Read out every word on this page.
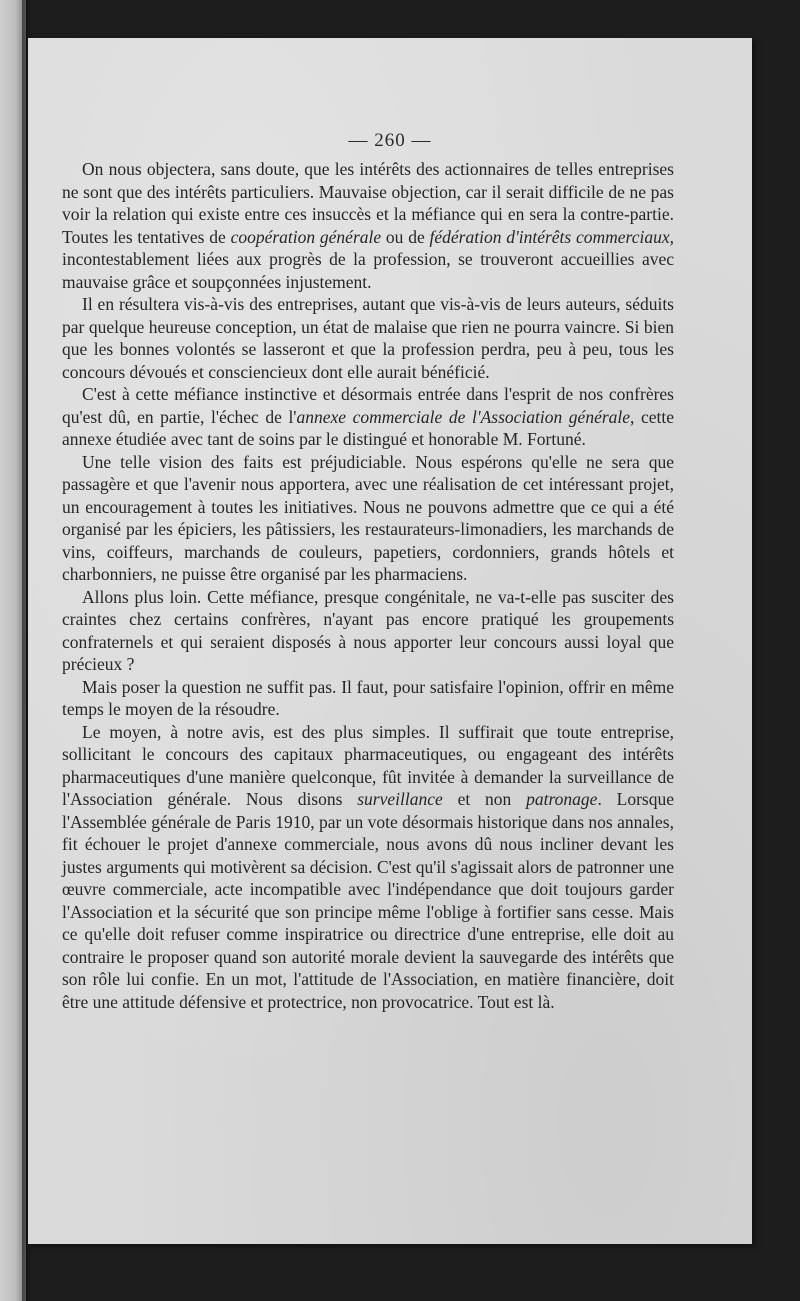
— 260 —

On nous objectera, sans doute, que les intérêts des actionnaires de telles entreprises ne sont que des intérêts particuliers. Mauvaise objection, car il serait difficile de ne pas voir la relation qui existe entre ces insuccès et la méfiance qui en sera la contre-partie. Toutes les tentatives de coopération générale ou de fédération d'intérêts commerciaux, incontestablement liées aux progrès de la profession, se trouveront accueillies avec mauvaise grâce et soupçonnées injustement.

Il en résultera vis-à-vis des entreprises, autant que vis-à-vis de leurs auteurs, séduits par quelque heureuse conception, un état de malaise que rien ne pourra vaincre. Si bien que les bonnes volontés se lasseront et que la profession perdra, peu à peu, tous les concours dévoués et consciencieux dont elle aurait bénéficié.

C'est à cette méfiance instinctive et désormais entrée dans l'esprit de nos confrères qu'est dû, en partie, l'échec de l'annexe commerciale de l'Association générale, cette annexe étudiée avec tant de soins par le distingué et honorable M. Fortuné.

Une telle vision des faits est préjudiciable. Nous espérons qu'elle ne sera que passagère et que l'avenir nous apportera, avec une réalisation de cet intéressant projet, un encouragement à toutes les initiatives. Nous ne pouvons admettre que ce qui a été organisé par les épiciers, les pâtissiers, les restaurateurs-limonadiers, les marchands de vins, coiffeurs, marchands de couleurs, papetiers, cordonniers, grands hôtels et charbonniers, ne puisse être organisé par les pharmaciens.

Allons plus loin. Cette méfiance, presque congénitale, ne va-t-elle pas susciter des craintes chez certains confrères, n'ayant pas encore pratiqué les groupements confraternels et qui seraient disposés à nous apporter leur concours aussi loyal que précieux ?

Mais poser la question ne suffit pas. Il faut, pour satisfaire l'opinion, offrir en même temps le moyen de la résoudre.

Le moyen, à notre avis, est des plus simples. Il suffirait que toute entreprise, sollicitant le concours des capitaux pharmaceutiques, ou engageant des intérêts pharmaceutiques d'une manière quelconque, fût invitée à demander la surveillance de l'Association générale. Nous disons surveillance et non patronage. Lorsque l'Assemblée générale de Paris 1910, par un vote désormais historique dans nos annales, fit échouer le projet d'annexe commerciale, nous avons dû nous incliner devant les justes arguments qui motivèrent sa décision. C'est qu'il s'agissait alors de patronner une œuvre commerciale, acte incompatible avec l'indépendance que doit toujours garder l'Association et la sécurité que son principe même l'oblige à fortifier sans cesse. Mais ce qu'elle doit refuser comme inspiratrice ou directrice d'une entreprise, elle doit au contraire le proposer quand son autorité morale devient la sauvegarde des intérêts que son rôle lui confie. En un mot, l'attitude de l'Association, en matière financière, doit être une attitude défensive et protectrice, non provocatrice. Tout est là.
